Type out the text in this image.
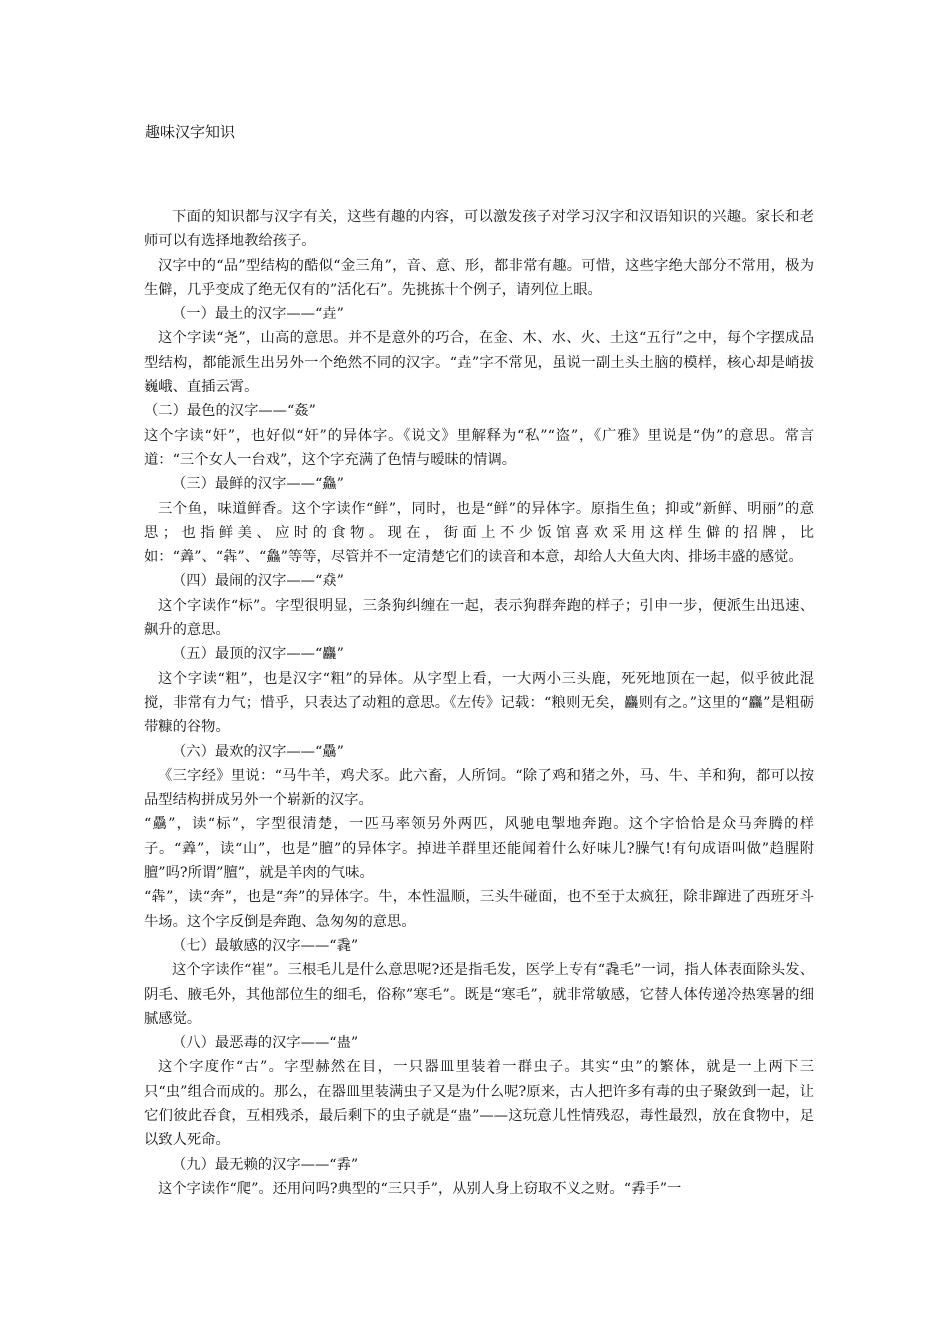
趣味汉字知识

下面的知识都与汉字有关，这些有趣的内容，可以激发孩子对学习汉字和汉语知识的兴趣。家长和老师可以有选择地教给孩子。

汉字中的“品”型结构的酷似“金三角”，音、意、形，都非常有趣。可惜，这些字绝大部分不常用，极为生僻，几乎变成了绝无仅有的”活化石”。先挑拣十个例子，请列位上眼。

（一）最土的汉字——“垚”

这个字读“尧”，山高的意思。并不是意外的巧合，在金、木、水、火、土这“五行”之中，每个字摆成品型结构，都能派生出另外一个绝然不同的汉字。“垚”字不常见，虽说一副土头土脑的模样，核心却是峭拔巍峨、直插云霄。

（二）最色的汉字——“姦”

这个字读“奸”，也好似“奸”的异体字。《说文》里解释为“私”“盗”，《广雅》里说是“伪”的意思。常言道：“三个女人一台戏”，这个字充满了色情与暧昧的情调。

（三）最鲜的汉字——“鱻”

三个鱼，味道鲜香。这个字读作“鲜”，同时，也是“鲜”的异体字。原指生鱼；抑或”新鲜、明丽”的意思；也指鲜美、应时的食物。现在，街面上不少饭馆喜欢采用这样生僻的招牌，比如：“羴”、“犇”、“鱻”等等，尽管并不一定清楚它们的读音和本意，却给人大鱼大肉、排场丰盛的感觉。

（四）最闹的汉字——“猋”

这个字读作“标”。字型很明显，三条狗纠缠在一起，表示狗群奔跑的样子；引申一步，便派生出迅速、飙升的意思。

（五）最顶的汉字——“麤”

这个字读“粗”，也是汉字“粗”的异体。从字型上看，一大两小三头鹿，死死地顶在一起，似乎彼此混搅，非常有力气；惜乎，只表达了动粗的意思。《左传》记载：“粮则无矣，麤则有之。”这里的“麤”是粗砺带糠的谷物。

（六）最欢的汉字——“驫”

《三字经》里说：“马牛羊，鸡犬豕。此六畜，人所饲。“除了鸡和猪之外，马、牛、羊和狗，都可以按品型结构拼成另外一个崭新的汉字。

“驫”，读“标”，字型很清楚，一匹马率领另外两匹，风驰电掣地奔跑。这个字恰恰是众马奔腾的样子。“羴”，读“山”，也是”膻”的异体字。掉进羊群里还能闻着什么好味儿?臊气!有句成语叫做”趋腥附膻”吗?所谓”膻”，就是羊肉的气味。

“犇”，读“奔”，也是“奔”的异体字。牛，本性温顺，三头牛碰面，也不至于太疯狂，除非蹿进了西班牙斗牛场。这个字反倒是奔跑、急匆匆的意思。

（七）最敏感的汉字——“毳”

这个字读作“崔”。三根毛儿是什么意思呢?还是指毛发，医学上专有“毳毛”一词，指人体表面除头发、阴毛、腋毛外，其他部位生的细毛，俗称”寒毛”。既是“寒毛”，就非常敏感，它替人体传递冷热寒暑的细腻感觉。

（八）最恶毒的汉字——“蛊”

这个字度作“古”。字型赫然在目，一只器皿里装着一群虫子。其实“虫”的繁体，就是一上两下三只“虫”组合而成的。那么，在器皿里装满虫子又是为什么呢?原来，古人把许多有毒的虫子聚敛到一起，让它们彼此吞食，互相残杀，最后剩下的虫子就是“蛊”——这玩意儿性情残忍，毒性最烈，放在食物中，足以致人死命。

（九）最无赖的汉字——“掱”

这个字读作“爬”。还用问吗?典型的“三只手”，从别人身上窃取不义之财。“掱手”一
